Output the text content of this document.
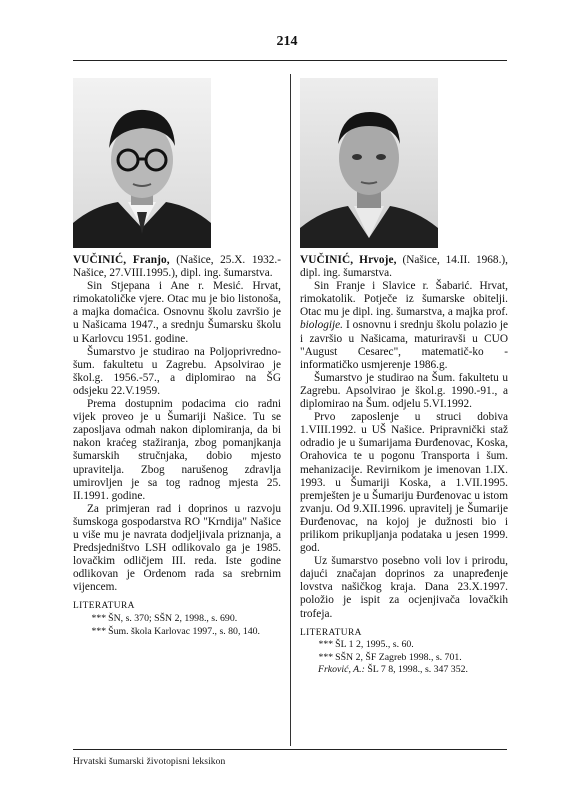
214

VUČINIĆ, Franjo, (Našice, 25.X. 1932.- Našice, 27.VIII.1995.), dipl. ing. šumarstva.

Sin Stjepana i Ane r. Mesić. Hrvat, rimokatoličke vjere. Otac mu je bio listonoša, a majka domaćica. Osnovnu školu završio je u Našicama 1947., a srednju Šumarsku školu u Karlovcu 1951. godine.

Šumarstvo je studirao na Poljoprivredno-šum. fakultetu u Zagrebu. Apsolvirao je škol.g. 1956.-57., a diplomirao na ŠG odsjeku 22.V.1959.

Prema dostupnim podacima cio radni vijek proveo je u Šumariji Našice. Tu se zaposljava odmah nakon diplomiranja, da bi nakon kraćeg stažiranja, zbog pomanjkanja šumarskih stručnjaka, dobio mjesto upravitelja. Zbog narušenog zdravlja umirovljen je sa tog radnog mjesta 25. II.1991. godine.

Za primjeran rad i doprinos u razvoju šumskoga gospodarstva RO "Krndija" Našice u više mu je navrata dodjeljivala priznanja, a Predsjedništvo LSH odlikovalo ga je 1985. lovačkim odličjem III. reda. Iste godine odlikovan je Ordenom rada sa srebrnim vijencem.

LITERATURA

*** ŠN, s. 370; SŠN 2, 1998., s. 690.

*** Šum. škola Karlovac 1997., s. 80, 140.

VUČINIĆ, Hrvoje, (Našice, 14.II. 1968.), dipl. ing. šumarstva.

Sin Franje i Slavice r. Šabarić. Hrvat, rimokatolik. Potječe iz šumarske obitelji. Otac mu je dipl. ing. šumarstva, a majka prof. biologije. I osnovnu i srednju školu polazio je i završio u Našicama, maturiravši u CUO "August Cesarec", matematič-ko - informatičko usmjerenje 1986.g.

Šumarstvo je studirao na Šum. fakultetu u Zagrebu. Apsolvirao je škol.g. 1990.-91., a diplomirao na Šum. odjelu 5.VI.1992.

Prvo zaposlenje u struci dobiva 1.VIII.1992. u UŠ Našice. Pripravnički staž odradio je u šumarijama Đurđenovac, Koska, Orahovica te u pogonu Transporta i šum. mehanizacije. Revirnikom je imenovan 1.IX. 1993. u Šumariji Koska, a 1.VII.1995. premješten je u Šumariju Đurđenovac u istom zvanju. Od 9.XII.1996. upravitelj je Šumarije Đurđenovac, na kojoj je dužnosti bio i prilikom prikupljanja podataka u jesen 1999. god.

Uz šumarstvo posebno voli lov i prirodu, dajući značajan doprinos za unapređenje lovstva našičkog kraja. Dana 23.X.1997. položio je ispit za ocjenjivača lovačkih trofeja.

LITERATURA

*** ŠL 1 2, 1995., s. 60.

*** SŠN 2, ŠF Zagreb 1998., s. 701.

Frković, A.: ŠL 7 8, 1998., s. 347 352.

Hrvatski šumarski životopisni leksikon
